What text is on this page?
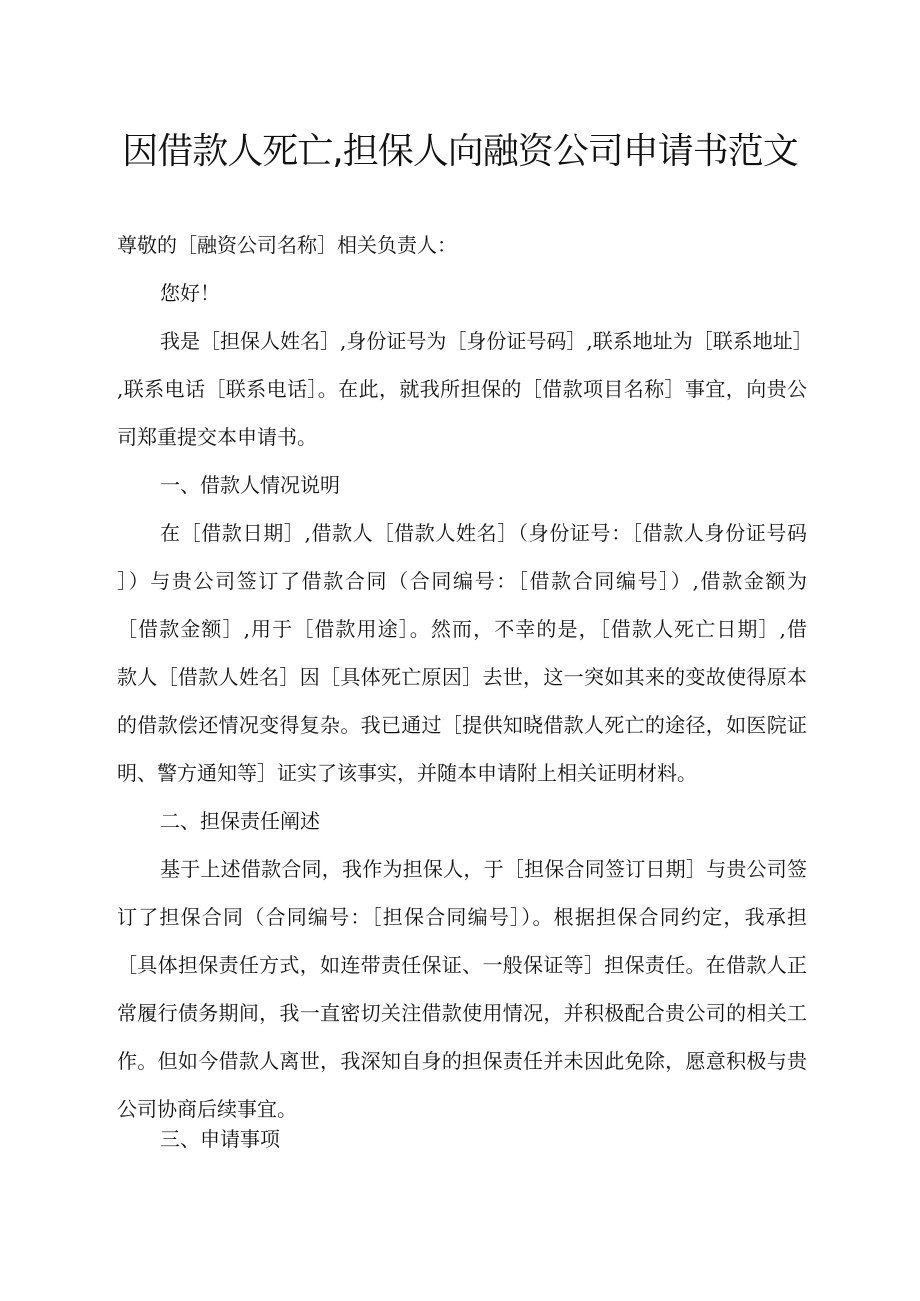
因借款人死亡,担保人向融资公司申请书范文

尊敬的［融资公司名称］相关负责人：

您好！

我是［担保人姓名］,身份证号为［身份证号码］,联系地址为［联系地址］

,联系电话［联系电话］。在此，就我所担保的［借款项目名称］事宜，向贵公

司郑重提交本申请书。

一、借款人情况说明

在［借款日期］,借款人［借款人姓名］（身份证号：［借款人身份证号码

］）与贵公司签订了借款合同（合同编号：［借款合同编号］）,借款金额为

［借款金额］,用于［借款用途］。然而，不幸的是，［借款人死亡日期］,借

款人［借款人姓名］因［具体死亡原因］去世，这一突如其来的变故使得原本

的借款偿还情况变得复杂。我已通过［提供知晓借款人死亡的途径，如医院证

明、警方通知等］证实了该事实，并随本申请附上相关证明材料。

二、担保责任阐述

基于上述借款合同，我作为担保人，于［担保合同签订日期］与贵公司签

订了担保合同（合同编号：［担保合同编号］）。根据担保合同约定，我承担

［具体担保责任方式，如连带责任保证、一般保证等］担保责任。在借款人正

常履行债务期间，我一直密切关注借款使用情况，并积极配合贵公司的相关工

作。但如今借款人离世，我深知自身的担保责任并未因此免除，愿意积极与贵

公司协商后续事宜。

三、申请事项
